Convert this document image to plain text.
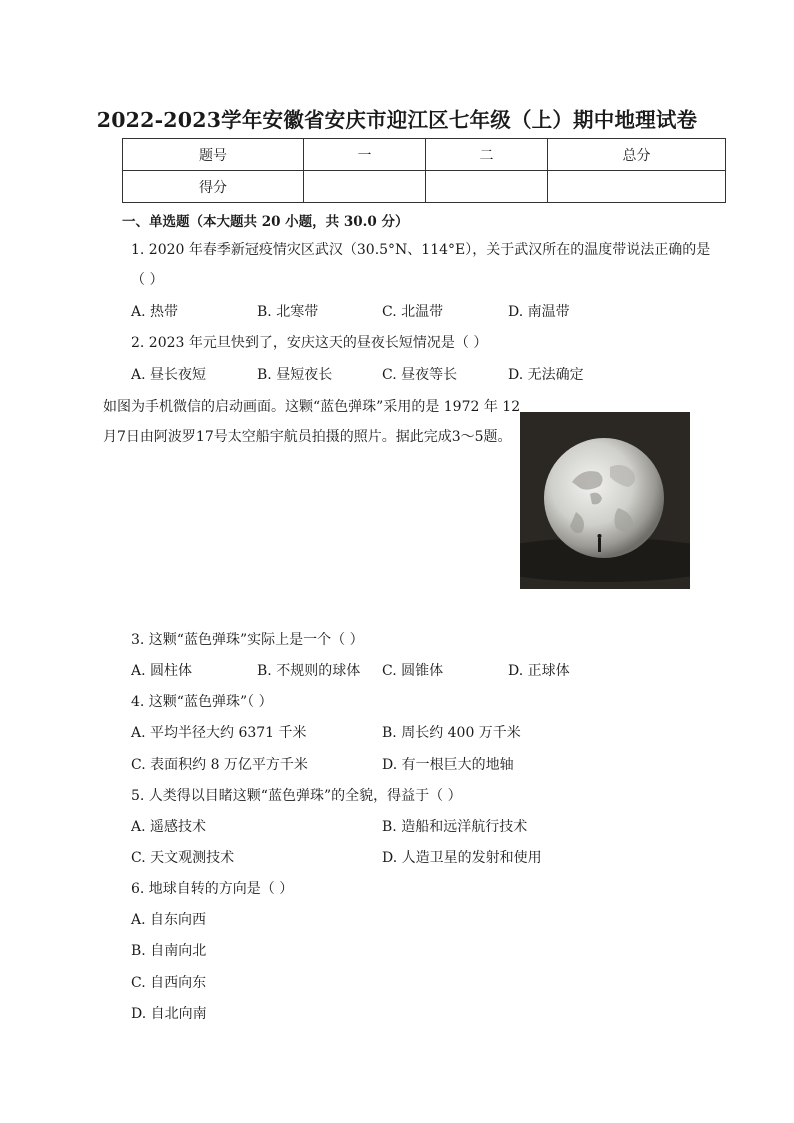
2022-2023学年安徽省安庆市迎江区七年级（上）期中地理试卷
题号	一	二	总分
得分			
一、单选题（本大题共 20 小题，共 30.0 分）
1. 2020 年春季新冠疫情灾区武汉（30.5°N、114°E），关于武汉所在的温度带说法正确的是
（ ）
A. 热带	B. 北寒带	C. 北温带	D. 南温带
2. 2023 年元旦快到了，安庆这天的昼夜长短情况是（ ）
A. 昼长夜短	B. 昼短夜长	C. 昼夜等长	D. 无法确定
如图为手机微信的启动画面。这颗“蓝色弹珠”采用的是 1972 年 12
月7日由阿波罗17号太空船宇航员拍摄的照片。据此完成3～5题。
3. 这颗“蓝色弹珠”实际上是一个（ ）
A. 圆柱体	B. 不规则的球体 C. 圆锥体	D. 正球体
4. 这颗“蓝色弹珠”（ ）
A. 平均半径大约 6371 千米	B. 周长约 400 万千米
C. 表面积约 8 万亿平方千米	D. 有一根巨大的地轴
5. 人类得以目睹这颗“蓝色弹珠”的全貌，得益于（ ）
A. 遥感技术	B. 造船和远洋航行技术
C. 天文观测技术	D. 人造卫星的发射和使用
6. 地球自转的方向是（ ）
A. 自东向西
B. 自南向北
C. 自西向东
D. 自北向南
